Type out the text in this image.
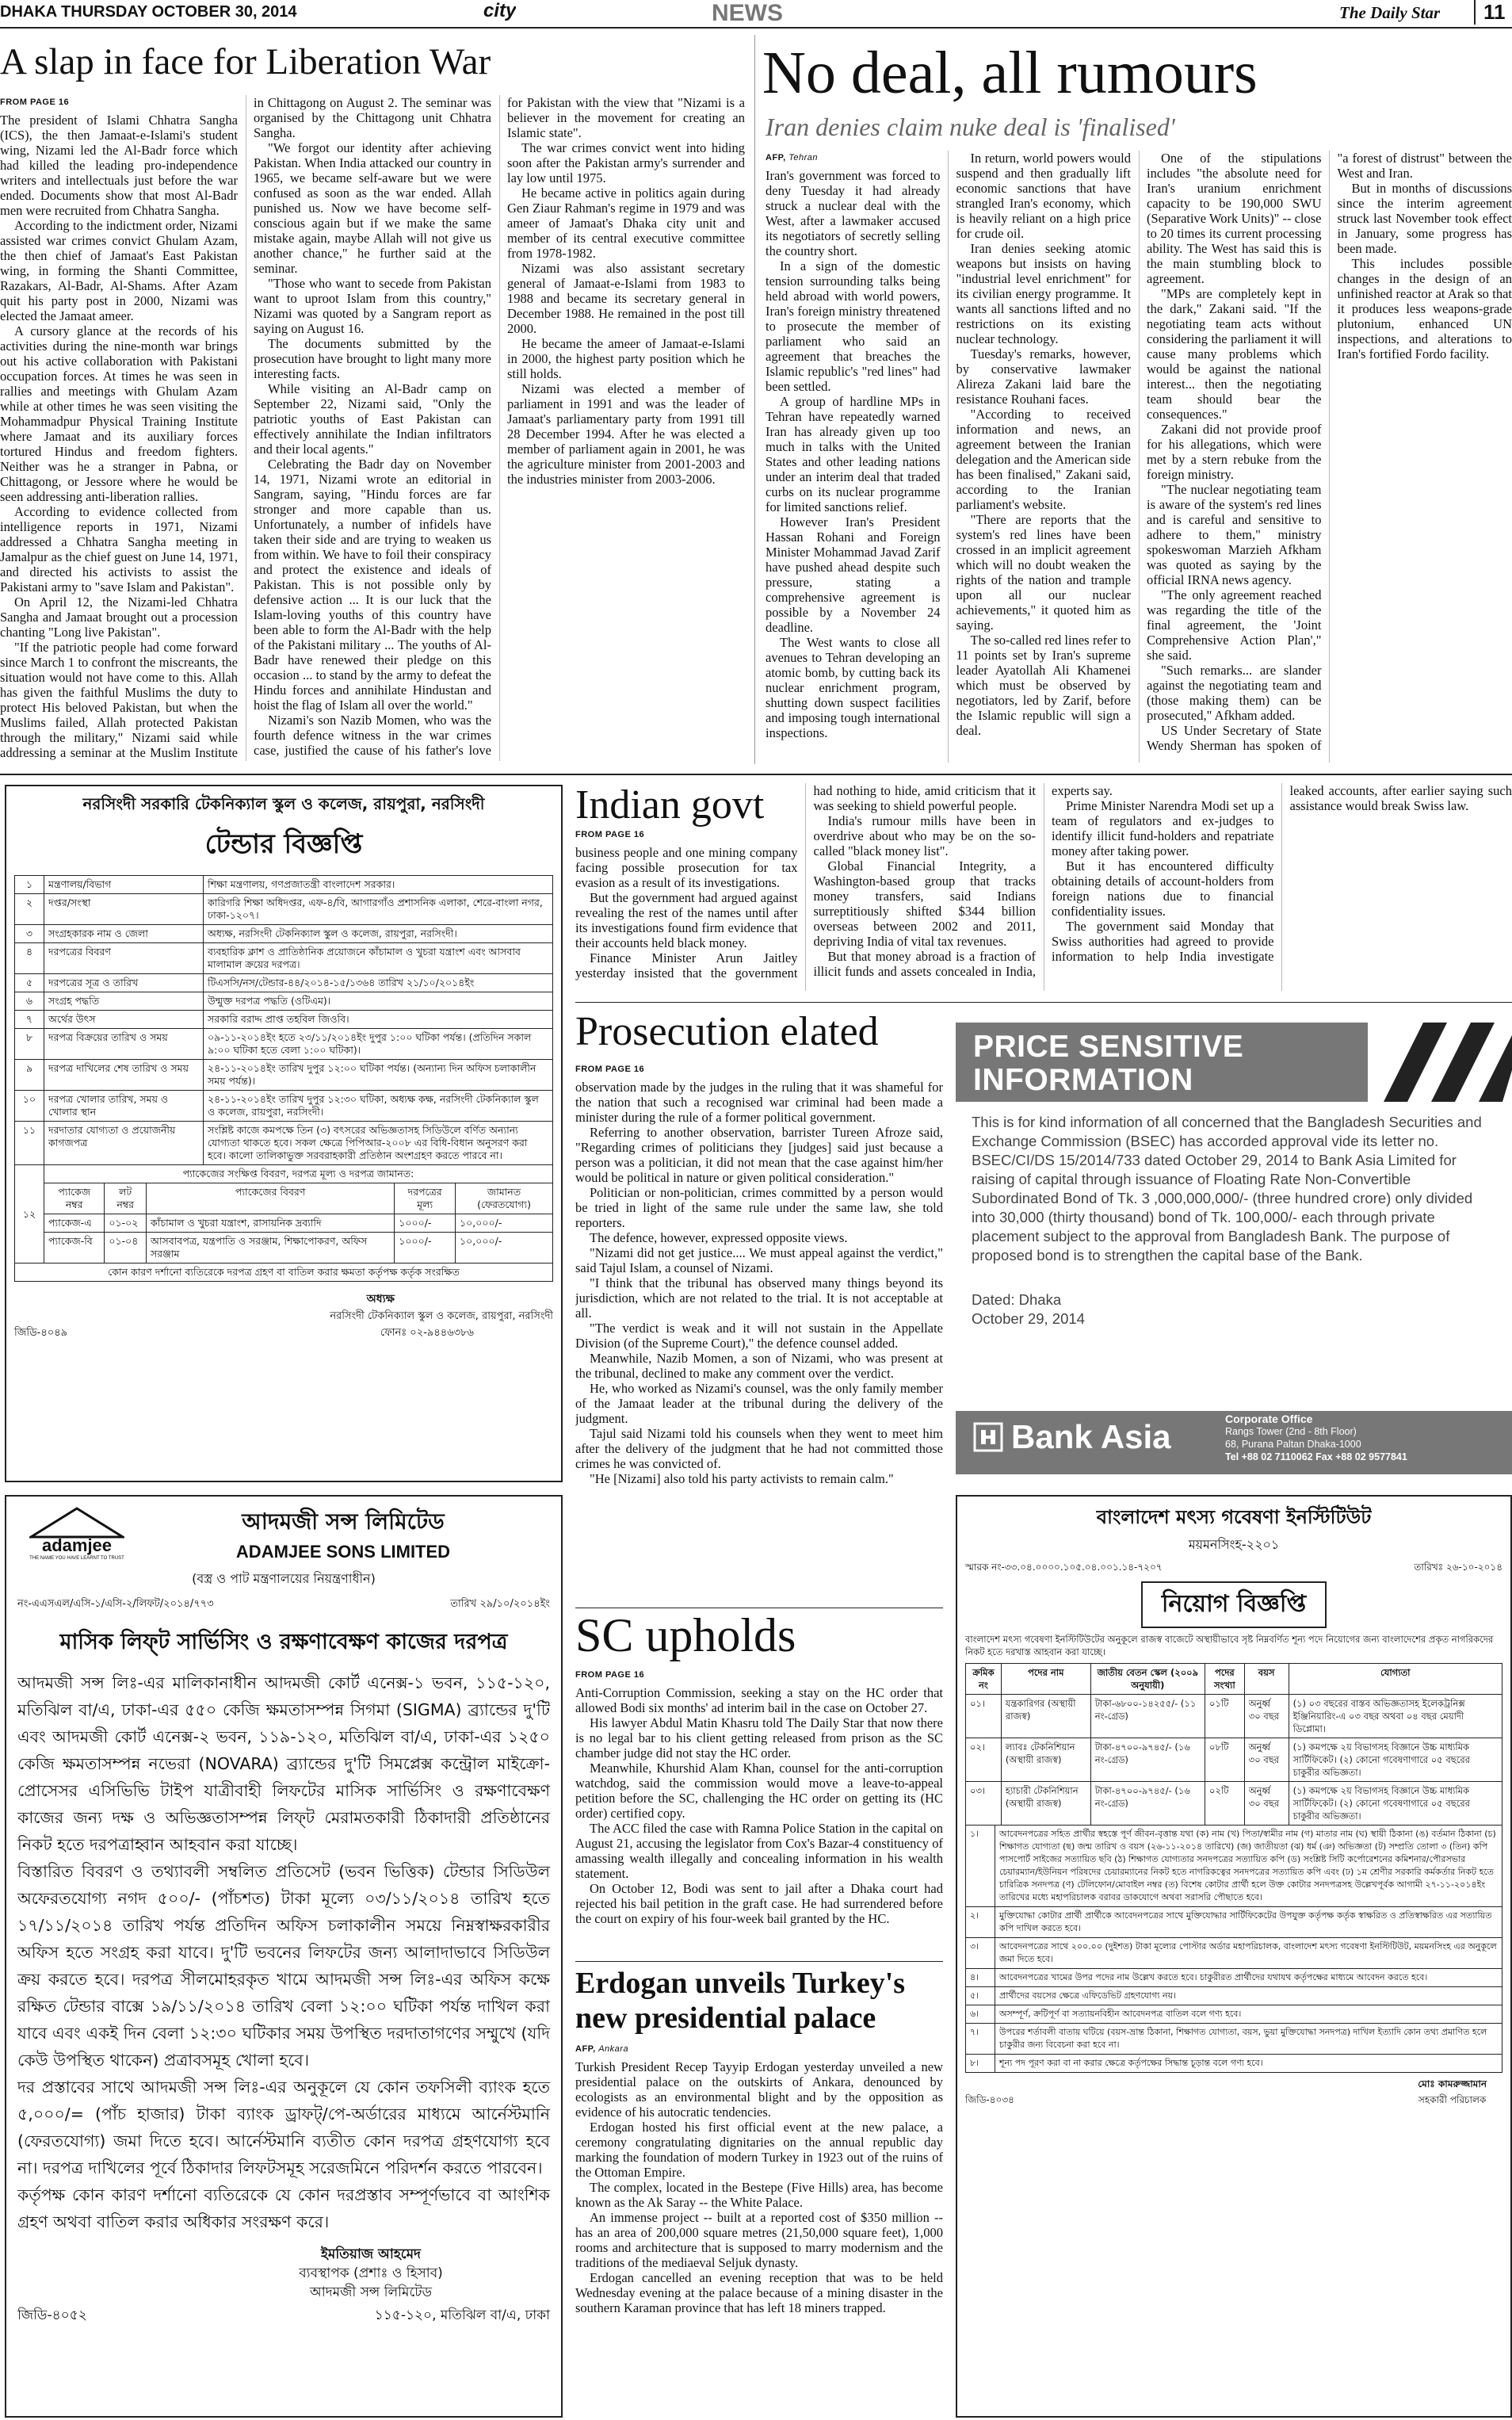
DHAKA THURSDAY OCTOBER 30, 2014	city	NEWS	The Daily Star	11
A slap in face for Liberation War
FROM PAGE 16

The president of Islami Chhatra Sangha (ICS), the then Jamaat-e-Islami's student wing, Nizami led the Al-Badr force which had killed the leading pro-independence writers and intellectuals just before the war ended. Documents show that most Al-Badr men were recruited from Chhatra Sangha.

According to the indictment order, Nizami assisted war crimes convict Ghulam Azam, the then chief of Jamaat's East Pakistan wing, in forming the Shanti Committee, Razakars, Al-Badr, Al-Shams. After Azam quit his party post in 2000, Nizami was elected the Jamaat ameer.

A cursory glance at the records of his activities during the nine-month war brings out his active collaboration with Pakistani occupation forces. At times he was seen in rallies and meetings with Ghulam Azam while at other times he was seen visiting the Mohammadpur Physical Training Institute where Jamaat and its auxiliary forces tortured Hindus and freedom fighters. Neither was he a stranger in Pabna, or Chittagong, or Jessore where he would be seen addressing anti-liberation rallies.

According to evidence collected from intelligence reports in 1971, Nizami addressed a Chhatra Sangha meeting in Jamalpur as the chief guest on June 14, 1971, and directed his activists to assist the Pakistani army to "save Islam and Pakistan".

On April 12, the Nizami-led Chhatra Sangha and Jamaat brought out a procession chanting "Long live Pakistan".

"If the patriotic people had come forward since March 1 to confront the miscreants, the situation would not have come to this. Allah has given the faithful Muslims the duty to protect His beloved Pakistan, but when the Muslims failed, Allah protected Pakistan through the military," Nizami said while addressing a seminar at the Muslim Institute in Chittagong on August 2. The seminar was organised by the Chittagong unit Chhatra Sangha.

"We forgot our identity after achieving Pakistan. When India attacked our country in 1965, we became self-aware but we were confused as soon as the war ended. Allah punished us. Now we have become self-conscious again but if we make the same mistake again, maybe Allah will not give us another chance," he further said at the seminar.

"Those who want to secede from Pakistan want to uproot Islam from this country," Nizami was quoted by a Sangram report as saying on August 16.

The documents submitted by the prosecution have brought to light many more interesting facts.

While visiting an Al-Badr camp on September 22, Nizami said, "Only the patriotic youths of East Pakistan can effectively annihilate the Indian infiltrators and their local agents."

Celebrating the Badr day on November 14, 1971, Nizami wrote an editorial in Sangram, saying, "Hindu forces are far stronger and more capable than us. Unfortunately, a number of infidels have taken their side and are trying to weaken us from within. We have to foil their conspiracy and protect the existence and ideals of Pakistan. This is not possible only by defensive action ... It is our luck that the Islam-loving youths of this country have been able to form the Al-Badr with the help of the Pakistani military ... The youths of Al-Badr have renewed their pledge on this occasion ... to stand by the army to defeat the Hindu forces and annihilate Hindustan and hoist the flag of Islam all over the world."

Nizami's son Nazib Momen, who was the fourth defence witness in the war crimes case, justified the cause of his father's love for Pakistan with the view that "Nizami is a believer in the movement for creating an Islamic state".

The war crimes convict went into hiding soon after the Pakistan army's surrender and lay low until 1975.

He became active in politics again during Gen Ziaur Rahman's regime in 1979 and was ameer of Jamaat's Dhaka city unit and member of its central executive committee from 1978-1982.

Nizami was also assistant secretary general of Jamaat-e-Islami from 1983 to 1988 and became its secretary general in December 1988. He remained in the post till 2000.

He became the ameer of Jamaat-e-Islami in 2000, the highest party position which he still holds.

Nizami was elected a member of parliament in 1991 and was the leader of Jamaat's parliamentary party from 1991 till 28 December 1994. After he was elected a member of parliament again in 2001, he was the agriculture minister from 2001-2003 and the industries minister from 2003-2006.

No deal, all rumours
Iran denies claim nuke deal is 'finalised'
AFP, Tehran

Iran's government was forced to deny Tuesday it had already struck a nuclear deal with the West, after a lawmaker accused its negotiators of secretly selling the country short.

In a sign of the domestic tension surrounding talks being held abroad with world powers, Iran's foreign ministry threatened to prosecute the member of parliament who said an agreement that breaches the Islamic republic's "red lines" had been settled.

A group of hardline MPs in Tehran have repeatedly warned Iran has already given up too much in talks with the United States and other leading nations under an interim deal that traded curbs on its nuclear programme for limited sanctions relief.

However Iran's President Hassan Rohani and Foreign Minister Mohammad Javad Zarif have pushed ahead despite such pressure, stating a comprehensive agreement is possible by a November 24 deadline.

The West wants to close all avenues to Tehran developing an atomic bomb, by cutting back its nuclear enrichment program, shutting down suspect facilities and imposing tough international inspections.

In return, world powers would suspend and then gradually lift economic sanctions that have strangled Iran's economy, which is heavily reliant on a high price for crude oil.

Iran denies seeking atomic weapons but insists on having "industrial level enrichment" for its civilian energy programme. It wants all sanctions lifted and no restrictions on its existing nuclear technology.

Tuesday's remarks, however, by conservative lawmaker Alireza Zakani laid bare the resistance Rouhani faces.

"According to received information and news, an agreement between the Iranian delegation and the American side has been finalised," Zakani said, according to the Iranian parliament's website.

"There are reports that the system's red lines have been crossed in an implicit agreement which will no doubt weaken the rights of the nation and trample upon all our nuclear achievements," it quoted him as saying.

The so-called red lines refer to 11 points set by Iran's supreme leader Ayatollah Ali Khamenei which must be observed by negotiators, led by Zarif, before the Islamic republic will sign a deal.

One of the stipulations includes "the absolute need for Iran's uranium enrichment capacity to be 190,000 SWU (Separative Work Units)" -- close to 20 times its current processing ability. The West has said this is the main stumbling block to agreement.

"MPs are completely kept in the dark," Zakani said. "If the negotiating team acts without considering the parliament it will cause many problems which would be against the national interest... then the negotiating team should bear the consequences."

Zakani did not provide proof for his allegations, which were met by a stern rebuke from the foreign ministry.

"The nuclear negotiating team is aware of the system's red lines and is careful and sensitive to adhere to them," ministry spokeswoman Marzieh Afkham was quoted as saying by the official IRNA news agency.

"The only agreement reached was regarding the title of the final agreement, the 'Joint Comprehensive Action Plan'," she said.

"Such remarks... are slander against the negotiating team and (those making them) can be prosecuted," Afkham added.

US Under Secretary of State Wendy Sherman has spoken of "a forest of distrust" between the West and Iran.

But in months of discussions since the interim agreement struck last November took effect in January, some progress has been made.

This includes possible changes in the design of an unfinished reactor at Arak so that it produces less weapons-grade plutonium, enhanced UN inspections, and alterations to Iran's fortified Fordo facility.

নরসিংদী সরকারি টেকনিক্যাল স্কুল ও কলেজ, রায়পুরা, নরসিংদী
টেন্ডার বিজ্ঞপ্তি
১	মন্ত্রণালয়/বিভাগ	শিক্ষা মন্ত্রণালয়, গণপ্রজাতন্ত্রী বাংলাদেশ সরকার।
২	দপ্তর/সংস্থা	কারিগরি শিক্ষা অধিদপ্তর, এফ-৪/বি, আগারগাঁও প্রশাসনিক এলাকা, শেরে-বাংলা নগর, ঢাকা-১২০৭।
৩	সংগ্রহকারক নাম ও জেলা	অধ্যক্ষ, নরসিংদী টেকনিক্যাল স্কুল ও কলেজ, রায়পুরা, নরসিংদী।
৪	দরপত্রের বিবরণ	ব্যবহারিক ক্লাশ ও প্রাতিষ্ঠানিক প্রয়োজনে কাঁচামাল ও খুচরা যন্ত্রাংশ এবং আসবাব মালামাল ক্রয়ের দরপত্র।
৫	দরপত্রের সূত্র ও তারিখ	টিএসসি/নস/টেন্ডার-৪৪/২০১৪-১৫/১৩৬৪ তারিখ ২১/১০/২০১৪ইং
৬	সংগ্রহ পদ্ধতি	উন্মুক্ত দরপত্র পদ্ধতি (ওটিএম)।
৭	অর্থের উৎস	সরকারি বরাদ্দ প্রাপ্ত তহবিল জিওবি।
৮	দরপত্র বিক্রয়ের তারিখ ও সময়	০৯-১১-২০১৪ইং হতে ২৩/১১/২০১৪ইং দুপুর ১:০০ ঘটিকা পর্যন্ত। (প্রতিদিন সকাল ৯:০০ ঘটিকা হতে বেলা ১:০০ ঘটিকা)।
৯	দরপত্র দাখিলের শেষ তারিখ ও সময়	২৪-১১-২০১৪ইং তারিখ দুপুর ১২:০০ ঘটিকা পর্যন্ত। (অন্যান্য দিন অফিস চলাকালীন সময় পর্যন্ত)।
১০	দরপত্র খোলার তারিখ, সময় ও খোলার স্থান	২৪-১১-২০১৪ইং তারিখ দুপুর ১২:৩০ ঘটিকা, অধ্যক্ষ কক্ষ, নরসিংদী টেকনিক্যাল স্কুল ও কলেজ, রায়পুরা, নরসিংদী।
১১	দরদাতার যোগ্যতা ও প্রয়োজনীয় কাগজপত্র	সংশ্লিষ্ট কাজে কমপক্ষে তিন (৩) বৎসরের অভিজ্ঞতাসহ সিডিউলে বর্ণিত অন্যান্য যোগ্যতা থাকতে হবে। সকল ক্ষেত্রে পিপিআর-২০০৮ এর বিধি-বিধান অনুসরণ করা হবে। কালো তালিকাভুক্ত সরবরাহকারী প্রতিষ্ঠান অংশগ্রহণ করতে পারবে না।
১২	প্যাকেজের সংক্ষিপ্ত বিবরণ, দরপত্র মূল্য ও দরপত্র জামানত:				
	প্যাকেজ নম্বর	লট নম্বর	প্যাকেজের বিবরণ	দরপত্রের মূল্য	জামানত (ফেরতযোগ্য)
	প্যাকেজ-এ	০১-০২	কাঁচামাল ও খুচরা যন্ত্রাংশ, রাসায়নিক দ্রব্যাদি	১০০০/-	১০,০০০/-
	প্যাকেজ-বি	০১-০৪	আসবাবপত্র, যন্ত্রপাতি ও সরঞ্জাম, শিক্ষাপোকরণ, অফিস সরঞ্জাম	১০০০/-	১০,০০০/-
কোন কারণ দর্শানো ব্যতিরেকে দরপত্র গ্রহণ বা বাতিল করার ক্ষমতা কর্তৃপক্ষ কর্তৃক সংরক্ষিত					
অধ্যক্ষ
নরসিংদী টেকনিক্যাল স্কুল ও কলেজ, রায়পুরা, নরসিংদী
জিডি-৪০৪৯	ফোনঃ ০২-৯৪৪৬৩৮৬
Indian govt
FROM PAGE 16

business people and one mining company facing possible prosecution for tax evasion as a result of its investigations.

But the government had argued against revealing the rest of the names until after its investigations found firm evidence that their accounts held black money.

Finance Minister Arun Jaitley yesterday insisted that the government had nothing to hide, amid criticism that it was seeking to shield powerful people.

India's rumour mills have been in overdrive about who may be on the so-called "black money list".

Global Financial Integrity, a Washington-based group that tracks money transfers, said Indians surreptitiously shifted $344 billion overseas between 2002 and 2011, depriving India of vital tax revenues.

But that money abroad is a fraction of illicit funds and assets concealed in India, experts say.

Prime Minister Narendra Modi set up a team of regulators and ex-judges to identify illicit fund-holders and repatriate money after taking power.

But it has encountered difficulty obtaining details of account-holders from foreign nations due to financial confidentiality issues.

The government said Monday that Swiss authorities had agreed to provide information to help India investigate leaked accounts, after earlier saying such assistance would break Swiss law.

Prosecution elated
FROM PAGE 16

observation made by the judges in the ruling that it was shameful for the nation that such a recognised war criminal had been made a minister during the rule of a former political government.

Referring to another observation, barrister Tureen Afroze said, "Regarding crimes of politicians they [judges] said just because a person was a politician, it did not mean that the case against him/her would be political in nature or given political consideration."

Politician or non-politician, crimes committed by a person would be tried in light of the same rule under the same law, she told reporters.

The defence, however, expressed opposite views.

"Nizami did not get justice.... We must appeal against the verdict," said Tajul Islam, a counsel of Nizami.

"I think that the tribunal has observed many things beyond its jurisdiction, which are not related to the trial. It is not acceptable at all.

"The verdict is weak and it will not sustain in the Appellate Division (of the Supreme Court)," the defence counsel added.

Meanwhile, Nazib Momen, a son of Nizami, who was present at the tribunal, declined to make any comment over the verdict.

He, who worked as Nizami's counsel, was the only family member of the Jamaat leader at the tribunal during the delivery of the judgment.

Tajul said Nizami told his counsels when they went to meet him after the delivery of the judgment that he had not committed those crimes he was convicted of.

"He [Nizami] also told his party activists to remain calm."

PRICE SENSITIVE
INFORMATION
This is for kind information of all concerned that the Bangladesh Securities and Exchange Commission (BSEC) has accorded approval vide its letter no. BSEC/CI/DS 15/2014/733 dated October 29, 2014 to Bank Asia Limited for raising of capital through issuance of Floating Rate Non-Convertible Subordinated Bond of Tk. 3 ,000,000,000/- (three hundred crore) only divided into 30,000 (thirty thousand) bond of Tk. 100,000/- each through private placement subject to the approval from Bangladesh Bank. The purpose of proposed bond is to strengthen the capital base of the Bank.
Dated: Dhaka
October 29, 2014
Bank Asia	Corporate Office
Rangs Tower (2nd - 8th Floor)
68, Purana Paltan Dhaka-1000
Tel +88 02 7110062 Fax +88 02 9577841
SC upholds
FROM PAGE 16

Anti-Corruption Commission, seeking a stay on the HC order that allowed Bodi six months' ad interim bail in the case on October 27.

His lawyer Abdul Matin Khasru told The Daily Star that now there is no legal bar to his client getting released from prison as the SC chamber judge did not stay the HC order.

Meanwhile, Khurshid Alam Khan, counsel for the anti-corruption watchdog, said the commission would move a leave-to-appeal petition before the SC, challenging the HC order on getting its (HC order) certified copy.

The ACC filed the case with Ramna Police Station in the capital on August 21, accusing the legislator from Cox's Bazar-4 constituency of amassing wealth illegally and concealing information in his wealth statement.

On October 12, Bodi was sent to jail after a Dhaka court had rejected his bail petition in the graft case. He had surrendered before the court on expiry of his four-week bail granted by the HC.

Erdogan unveils Turkey's new presidential palace
AFP, Ankara

Turkish President Recep Tayyip Erdogan yesterday unveiled a new presidential palace on the outskirts of Ankara, denounced by ecologists as an environmental blight and by the opposition as evidence of his autocratic tendencies.

Erdogan hosted his first official event at the new palace, a ceremony congratulating dignitaries on the annual republic day marking the foundation of modern Turkey in 1923 out of the ruins of the Ottoman Empire.

The complex, located in the Bestepe (Five Hills) area, has become known as the Ak Saray -- the White Palace.

An immense project -- built at a reported cost of $350 million -- has an area of 200,000 square metres (21,50,000 square feet), 1,000 rooms and architecture that is supposed to marry modernism and the traditions of the mediaeval Seljuk dynasty.

Erdogan cancelled an evening reception that was to be held Wednesday evening at the palace because of a mining disaster in the southern Karaman province that has left 18 miners trapped.

adamjee
THE NAME YOU HAVE LEARNT TO TRUST
আদমজী সন্স লিমিটেড
ADAMJEE SONS LIMITED
(বস্ত্র ও পাট মন্ত্রণালয়ের নিয়ন্ত্রণাধীন)
নং-এএসএল/এসি-১/এসি-২/লিফট/২০১৪/৭৭৩	তারিখ ২৯/১০/২০১৪ইং
মাসিক লিফ্‌ট সার্ভিসিং ও রক্ষণাবেক্ষণ কাজের দরপত্র
আদমজী সন্স লিঃ-এর মালিকানাধীন আদমজী কোর্ট এনেক্স-১ ভবন, ১১৫-১২০, মতিঝিল বা/এ, ঢাকা-এর ৫৫০ কেজি ক্ষমতাসম্পন্ন সিগমা (SIGMA) ব্র্যান্ডের দু'টি এবং আদমজী কোর্ট এনেক্স-২ ভবন, ১১৯-১২০, মতিঝিল বা/এ, ঢাকা-এর ১২৫০ কেজি ক্ষমতাসম্পন্ন নভেরা (NOVARA) ব্র্যান্ডের দু'টি সিমপ্লেক্স কন্ট্রোল মাইক্রো-প্রোসেসর এসিভিভি টাইপ যাত্রীবাহী লিফটের মাসিক সার্ভিসিং ও রক্ষণাবেক্ষণ কাজের জন্য দক্ষ ও অভিজ্ঞতাসম্পন্ন লিফ্‌ট মেরামতকারী ঠিকাদারী প্রতিষ্ঠানের নিকট হতে দরপত্রাহ্বান আহবান করা যাচ্ছে।
বিস্তারিত বিবরণ ও তথ্যাবলী সম্বলিত প্রতিসেট (ভবন ভিত্তিক) টেন্ডার সিডিউল অফেরতযোগ্য নগদ ৫০০/- (পাঁচশত) টাকা মূল্যে ০৩/১১/২০১৪ তারিখ হতে ১৭/১১/২০১৪ তারিখ পর্যন্ত প্রতিদিন অফিস চলাকালীন সময়ে নিম্নস্বাক্ষরকারীর অফিস হতে সংগ্রহ করা যাবে। দু'টি ভবনের লিফটের জন্য আলাদাভাবে সিডিউল ক্রয় করতে হবে। দরপত্র সীলমোহরকৃত খামে আদমজী সন্স লিঃ-এর অফিস কক্ষে রক্ষিত টেন্ডার বাক্সে ১৯/১১/২০১৪ তারিখ বেলা ১২:০০ ঘটিকা পর্যন্ত দাখিল করা যাবে এবং একই দিন বেলা ১২:৩০ ঘটিকার সময় উপস্থিত দরদাতাগণের সম্মুখে (যদি কেউ উপস্থিত থাকেন) প্রত্রাবসমূহ খোলা হবে।
দর প্রস্তাবের সাথে আদমজী সন্স লিঃ-এর অনুকূলে যে কোন তফসিলী ব্যাংক হতে ৫,০০০/= (পাঁচ হাজার) টাকা ব্যাংক ড্রাফট্‌/পে-অর্ডারের মাধ্যমে আর্নেস্টমানি (ফেরতযোগ্য) জমা দিতে হবে। আর্নেস্টমানি ব্যতীত কোন দরপত্র গ্রহণযোগ্য হবে না। দরপত্র দাখিলের পূর্বে ঠিকাদার লিফটসমূহ সরেজমিনে পরিদর্শন করতে পারবেন।
কর্তৃপক্ষ কোন কারণ দর্শানো ব্যতিরেকে যে কোন দরপ্রস্তাব সম্পূর্ণভাবে বা আংশিক গ্রহণ অথবা বাতিল করার অধিকার সংরক্ষণ করে।
ইমতিয়াজ আহমেদ
ব্যবস্থাপক (প্রশাঃ ও হিসাব)
আদমজী সন্স লিমিটেড
জিডি-৪০৫২	১১৫-১২০, মতিঝিল বা/এ, ঢাকা
বাংলাদেশ মৎস্য গবেষণা ইনস্টিটিউট
ময়মনসিংহ-২২০১
স্মারক নং-৩৩.০৪.০০০০.১০৫.০৪.০০১.১৪-৭২০৭	তারিখঃ ২৬-১০-২০১৪
নিয়োগ বিজ্ঞপ্তি
বাংলাদেশ মৎস্য গবেষণা ইনস্টিটিউটের অনুকূলে রাজস্ব বাজেটে অস্থায়ীভাবে সৃষ্ট নিম্নবর্ণিত শূন্য পদে নিয়োগের জন্য বাংলাদেশের প্রকৃত নাগরিকদের নিকট হতে দরখাস্ত আহবান করা যাচ্ছে।
ক্রমিক নং	পদের নাম	জাতীয় বেতন স্কেল (২০০৯ অনুযায়ী)	পদের সংখ্যা	বয়স	যোগ্যতা
০১।	যন্ত্রকারিগর (অস্থায়ী রাজস্ব)	টাকা-৬৮০০-১৪২৫৫/- (১১ নং-গ্রেড)	০১টি	অনুর্ধ্ব ৩০ বছর	(১) ০৩ বছরের বাস্তব অভিজ্ঞতাসহ ইলেকট্রনিক্স ইঞ্জিনিয়ারিং-এ ০৩ বছর অথবা ০৪ বছর মেয়াদী ডিপ্লোমা।
০২।	ল্যাবঃ টেকনিশিয়ান (অস্থায়ী রাজস্ব)	টাকা-৪৭০০-৯৭৪৫/- (১৬ নং-গ্রেড)	০৮টি	অনুর্ধ্ব ৩০ বছর	(১) কমপক্ষে ২য় বিভাগসহ বিজ্ঞানে উচ্চ মাধ্যমিক সার্টিফিকেট। (২) কোনো গবেষণাগারে ০৫ বছরের চাকুরীর অভিজ্ঞতা।
০৩।	হ্যাচারী টেকনিশিয়ান (অস্থায়ী রাজস্ব)	টাকা-৪৭০০-৯৭৪৫/- (১৬ নং-গ্রেড)	০২টি	অনুর্ধ্ব ৩০ বছর	(১) কমপক্ষে ২য় বিভাগসহ বিজ্ঞানে উচ্চ মাধ্যমিক সার্টিফিকেট। (২) কোনো গবেষণাগারে ০৫ বছরের চাকুরীর অভিজ্ঞতা।
১।	আবেদনপত্রের সহিত প্রার্থীর স্বহস্তে পূর্ণ জীবন-বৃত্তান্ত যথা (ক) নাম (খ) পিতা/স্বামীর নাম (গ) মাতার নাম (ঘ) স্থায়ী ঠিকানা (ঙ) বর্তমান ঠিকানা (চ) শিক্ষাগত যোগ্যতা (ছ) জন্ম তারিখ ও বয়স (২৬-১১-২০১৪ তারিখে) (জ) জাতীয়তা (ঝ) ধর্ম (ঞ) অভিজ্ঞতা (ট) সম্প্রতি তোলা ৩ (তিন) কপি পাসপোর্ট সাইজের সত্যায়িত ছবি (ঠ) শিক্ষাগত যোগ্যতার সনদপত্রের সত্যায়িত কপি (ড) সংশ্লিষ্ট সিটি কর্পোরেশনের কমিশনার/পৌরসভার চেয়ারম্যান/ইউনিয়ন পরিষদের চেয়ারম্যানের নিকট হতে নাগরিকত্বের সনদপত্রের সত্যায়িত কপি এবং (ঢ) ১ম শ্রেণীর সরকারি কর্মকর্তার নিকট হতে চারিত্রিক সনদপত্র (ণ) টেলিফোন/মোবাইল নম্বর (ত) বিশেষ কোটার প্রার্থী হলে উক্ত কোটার সনদপত্রসহ উল্লেখপূর্বক আগামী ২৭-১১-২০১৪ইং তারিখের মধ্যে মহাপরিচালক বরাবর ডাকযোগে অথবা সরাসরি পৌছাতে হবে।
২।	মুক্তিযোদ্ধা কোটার প্রার্থী প্রার্থীকে আবেদনপত্রের সাথে মুক্তিযোদ্ধার সার্টিফিকেটের উপযুক্ত কর্তৃপক্ষ কর্তৃক স্বাক্ষরিত ও প্রতিস্বাক্ষরিত এর সত্যায়িত কপি দাখিল করতে হবে।
৩।	আবেদনপত্রের সাথে ২০০.০০ (দুইশত) টাকা মূল্যের পোস্টার অর্ডার মহাপরিচালক, বাংলাদেশ মৎস্য গবেষণা ইনস্টিটিউট, ময়মনসিংহ এর অনুকূলে জমা দিতে হবে।
৪।	আবেদনপত্রের খামের উপর পদের নাম উল্লেখ করতে হবে। চাকুরীরত প্রার্থীদের যথাযথ কর্তৃপক্ষের মাধ্যমে আবেদন করতে হবে।
৫।	প্রার্থীদের বয়সের ক্ষেত্রে এফিডেভিট গ্রহণযোগ্য নয়।
৬।	অসম্পূর্ণ, ক্রটিপূর্ণ বা সত্যায়নবিহীন আবেদনপত্র বাতিল বলে গণ্য হবে।
৭।	উপরের শর্তাবলী বাতায় ঘটিয়ে (বয়স-ভ্রান্ত ঠিকানা, শিক্ষাগত যোগ্যতা, বয়স, ভুয়া মুক্তিযোদ্ধা সনদপত্র) দাখিল ইত্যাদি কোন তথ্য প্রমাণিত হলে চাকুরীর জন্য বিবেচনা করা হবে না।
৮।	শূন্য পদ পূরণ করা বা না করার ক্ষেত্রে কর্তৃপক্ষের সিদ্ধান্ত চূড়ান্ত বলে গণ্য হবে।
জিডি-৪০৩৪
মোঃ কামরুজ্জামান
সহকারী পরিচালক
